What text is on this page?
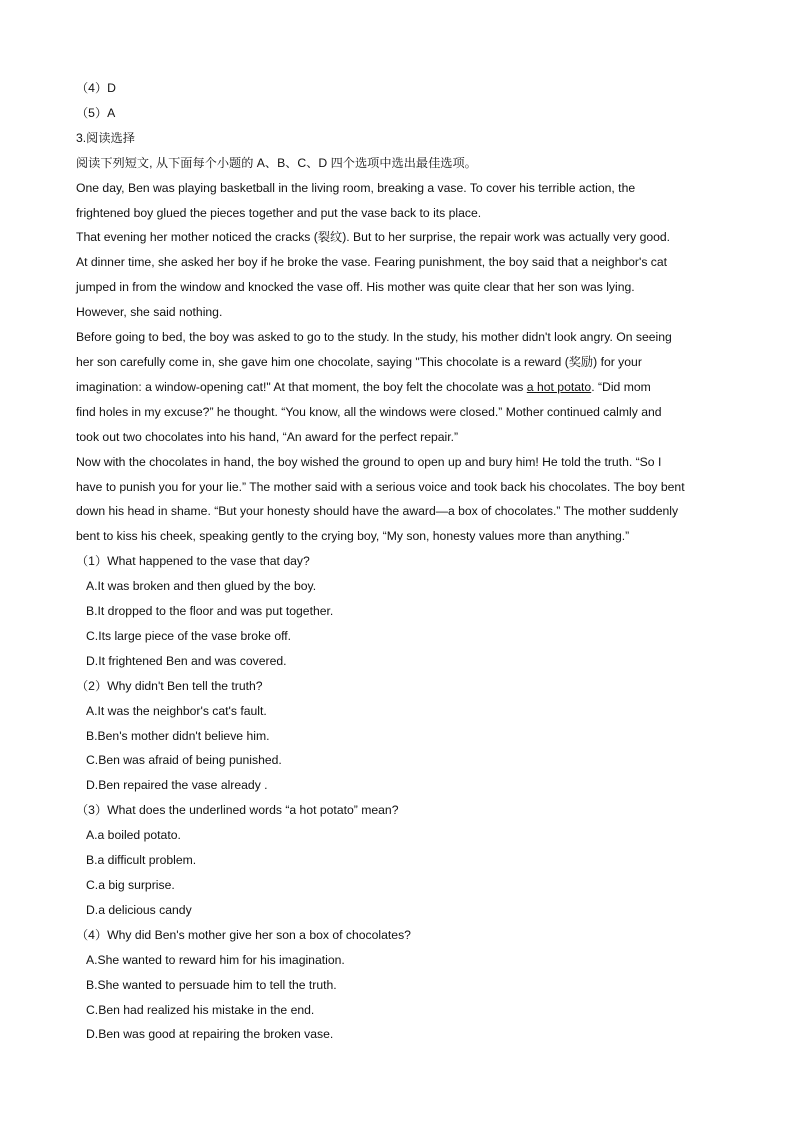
（4）D

（5）A

3.阅读选择

阅读下列短文, 从下面每个小题的 A、B、C、D 四个选项中选出最佳选项。

One day, Ben was playing basketball in the living room, breaking a vase. To cover his terrible action, the

frightened boy glued the pieces together and put the vase back to its place.

That evening her mother noticed the cracks (裂纹). But to her surprise, the repair work was actually very good.

At dinner time, she asked her boy if he broke the vase. Fearing punishment, the boy said that a neighbor's cat

jumped in from the window and knocked the vase off. His mother was quite clear that her son was lying.

However, she said nothing.

Before going to bed, the boy was asked to go to the study. In the study, his mother didn't look angry. On seeing

her son carefully come in, she gave him one chocolate, saying "This chocolate is a reward (奖励) for your

imagination: a window-opening cat!" At that moment, the boy felt the chocolate was a hot potato. “Did mom

find holes in my excuse?” he thought. “You know, all the windows were closed.” Mother continued calmly and

took out two chocolates into his hand, “An award for the perfect repair.”

Now with the chocolates in hand, the boy wished the ground to open up and bury him! He told the truth. “So I

have to punish you for your lie.” The mother said with a serious voice and took back his chocolates. The boy bent

down his head in shame. “But your honesty should have the award—a box of chocolates.” The mother suddenly

bent to kiss his cheek, speaking gently to the crying boy, “My son, honesty values more than anything.”

（1）What happened to the vase that day?

A.It was broken and then glued by the boy.

B.It dropped to the floor and was put together.

C.Its large piece of the vase broke off.

D.It frightened Ben and was covered.

（2）Why didn't Ben tell the truth?

A.It was the neighbor's cat's fault.

B.Ben's mother didn't believe him.

C.Ben was afraid of being punished.

D.Ben repaired the vase already .

（3）What does the underlined words “a hot potato” mean?

A.a boiled potato.

B.a difficult problem.

C.a big surprise.

D.a delicious candy

（4）Why did Ben's mother give her son a box of chocolates?

A.She wanted to reward him for his imagination.

B.She wanted to persuade him to tell the truth.

C.Ben had realized his mistake in the end.

D.Ben was good at repairing the broken vase.
